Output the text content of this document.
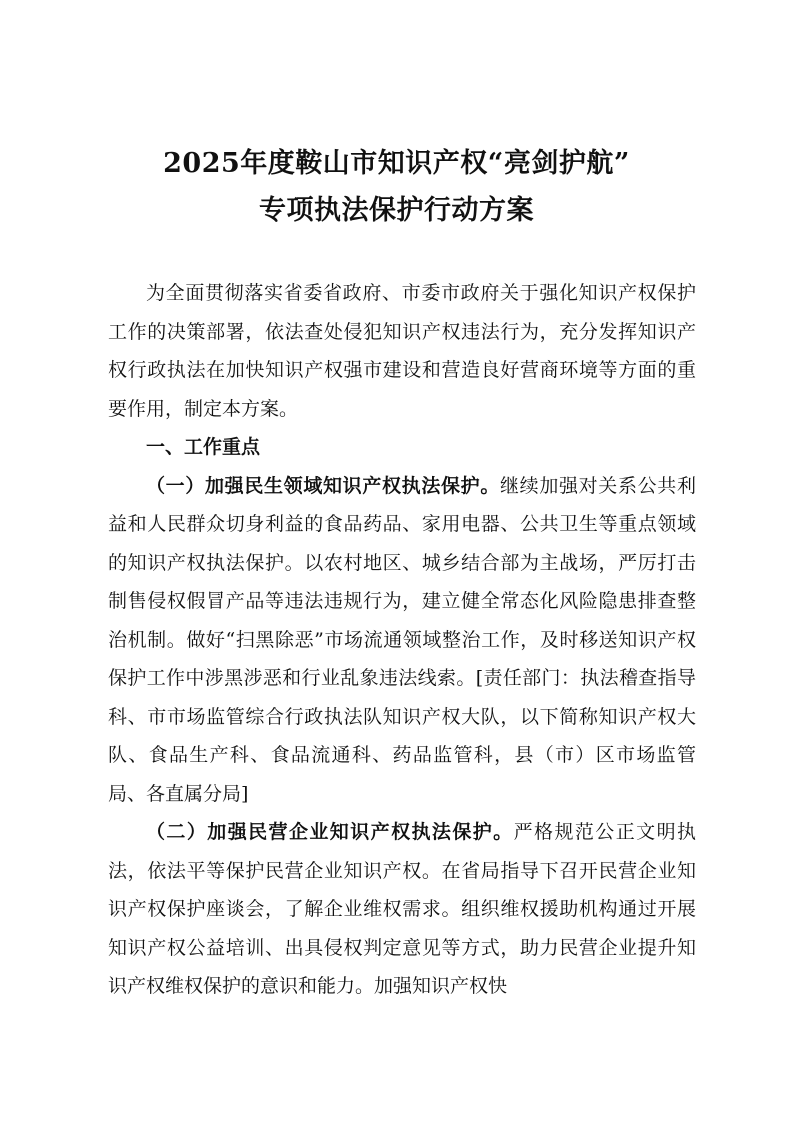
2025年度鞍山市知识产权“亮剑护航”
专项执法保护行动方案

为全面贯彻落实省委省政府、市委市政府关于强化知识产权保护工作的决策部署，依法查处侵犯知识产权违法行为，充分发挥知识产权行政执法在加快知识产权强市建设和营造良好营商环境等方面的重要作用，制定本方案。

一、工作重点

（一）加强民生领域知识产权执法保护。继续加强对关系公共利益和人民群众切身利益的食品药品、家用电器、公共卫生等重点领域的知识产权执法保护。以农村地区、城乡结合部为主战场，严厉打击制售侵权假冒产品等违法违规行为，建立健全常态化风险隐患排查整治机制。做好“扫黑除恶”市场流通领域整治工作，及时移送知识产权保护工作中涉黑涉恶和行业乱象违法线索。[责任部门：执法稽查指导科、市市场监管综合行政执法队知识产权大队，以下简称知识产权大队、食品生产科、食品流通科、药品监管科，县（市）区市场监管局、各直属分局]

（二）加强民营企业知识产权执法保护。严格规范公正文明执法，依法平等保护民营企业知识产权。在省局指导下召开民营企业知识产权保护座谈会，了解企业维权需求。组织维权援助机构通过开展知识产权公益培训、出具侵权判定意见等方式，助力民营企业提升知识产权维权保护的意识和能力。加强知识产权快
